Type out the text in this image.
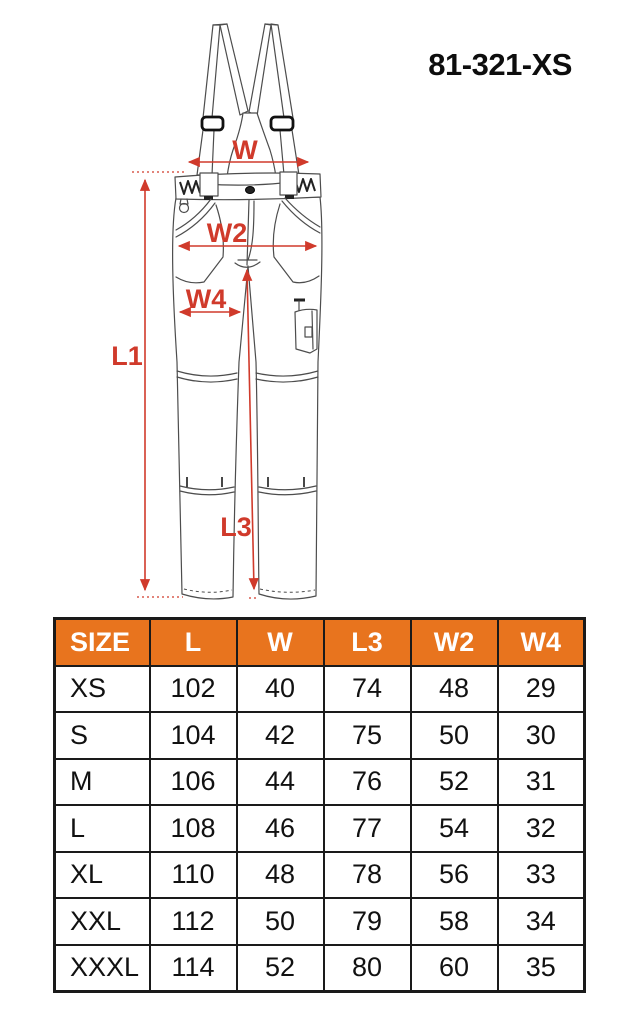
81-321-XS
W
W2
W4
L1
L3
SIZE	L	W	L3	W2	W4
XS	102	40	74	48	29
S	104	42	75	50	30
M	106	44	76	52	31
L	108	46	77	54	32
XL	110	48	78	56	33
XXL	112	50	79	58	34
XXXL	114	52	80	60	35
